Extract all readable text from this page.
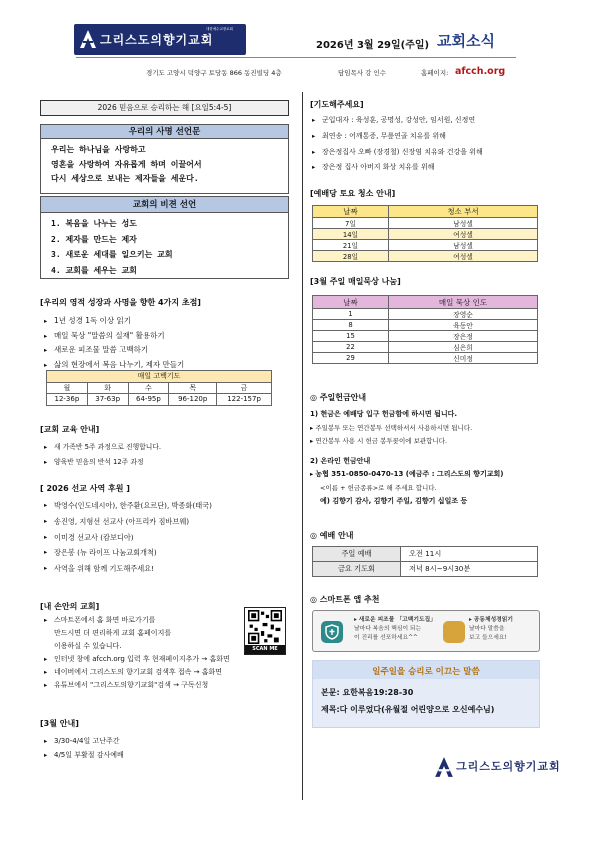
그리스도의향기교회
대한예수교장로회
2026년 3월 29일(주일) 교회소식
경기도 고양시 덕양구 토당동 866 동진빌딩 4층	담임목사 강 인수	홈페이지: afcch.org
2026 믿음으로 승리하는 해 [요일5:4-5]
우리의 사명 선언문
우리는 하나님을 사랑하고
영혼을 사랑하여 자유롭게 하며 이끌어서
다시 세상으로 보내는 제자들을 세운다.
교회의 비젼 선언
1. 복음을 나누는 성도
2. 제자를 만드는 제자
3. 새로운 세대를 일으키는 교회
4. 교회를 세우는 교회
[우리의 영적 성장과 사명을 향한 4가지 초점]
▸ 1년 성경 1독 이상 읽기
▸ 매일 묵상 "말씀의 실재" 활용하기
▸ 새로운 피조물 말씀 고백하기
▸ 삶의 현장에서 복음 나누기, 제자 만들기
매일 고백기도				
월	화	수	목	금
12-36p	37-63p	64-95p	96-120p	122-157p
[교회 교육 안내]
▸ 새 가족반 5주 과정으로 진행합니다.
▸ 양육반 믿음의 반석 12주 과정
[ 2026 선교 사역 후원 ]
▸ 박영수(인도네시아), 한주환(요르단), 박종화(태국)
▸ 송진영, 지형선 선교사 (아프리카 짐바브웨)
▸ 이미경 선교사 (캄보디아)
▸ 장은봉 (뉴 라이프 나눔교회개척)
▸ 사역을 위해 함께 기도해주세요!
[내 손안의 교회]
SCAN ME
▸ 스마트폰에서 홈 화면 바로가기를
만드시면 더 편리하게 교회 홈페이지를
이용하실 수 있습니다.
▸ 인터넷 창에 afcch.org 입력 후 현재페이지추가 → 홈화면
▸ 네이버에서 그리스도의 향기교회 검색후 접속 → 홈화면
▸ 유튜브에서 "그리스도의향기교회"검색 → 구독신청
[3월 안내]
▸ 3/30-4/4일 고난주간
▸ 4/5일 부활절 감사예배
[기도해주세요]
▸ 군입대자 : 육성훈, 공명성, 강성안, 임서원, 신정연
▸ 최연송 : 어깨통증, 무릎연골 치유를 위해
▸ 장은정집사 오빠 (장경철) 신장염 치유와 건강을 위해
▸ 장은정 집사 아버지 화상 치유를 위해
[예배당 토요 청소 안내]
날짜	청소 부서
7일	남성셀
14일	여성셀
21일	남성셀
28일	여성셀
[3월 주일 매일묵상 나눔]
날짜	매일 묵상 인도
1	장영순
8	육동안
15	장은정
22	심은희
29	신미정
◎ 주일헌금안내
1) 현금은 예배당 입구 헌금함에 하시면 됩니다.
▸ 주일봉투 또는 연간봉투 선택하셔서 사용하시면 됩니다.
▸ 연간봉투 사용 시 헌금 봉투꽂이에 보관합니다.
2) 온라인 헌금안내
▸ 농협 351-0850-0470-13 (예금주 : 그리스도의 향기교회)
<이름 + 헌금종류>로 해 주세요 합니다.
예) 김향기 감사, 김향기 주일, 김향기 십일조 등
◎ 예배 안내
주일 예배	오전 11시
금요 기도회	저녁 8시~9시30분
◎ 스마트폰 앱 추천
▸ 새로운 피조물 「고백기도집」
날마다 복음의 핵심이 되는
이 진리를 선포하세요^^
▸ 공동체성경읽기
날마다 말씀을
보고 들으세요!
일주일을 승리로 이끄는 말씀
본문: 요한복음19:28-30
제목:다 이루었다(유월절 어린양으로 오신예수님)
그리스도의향기교회
